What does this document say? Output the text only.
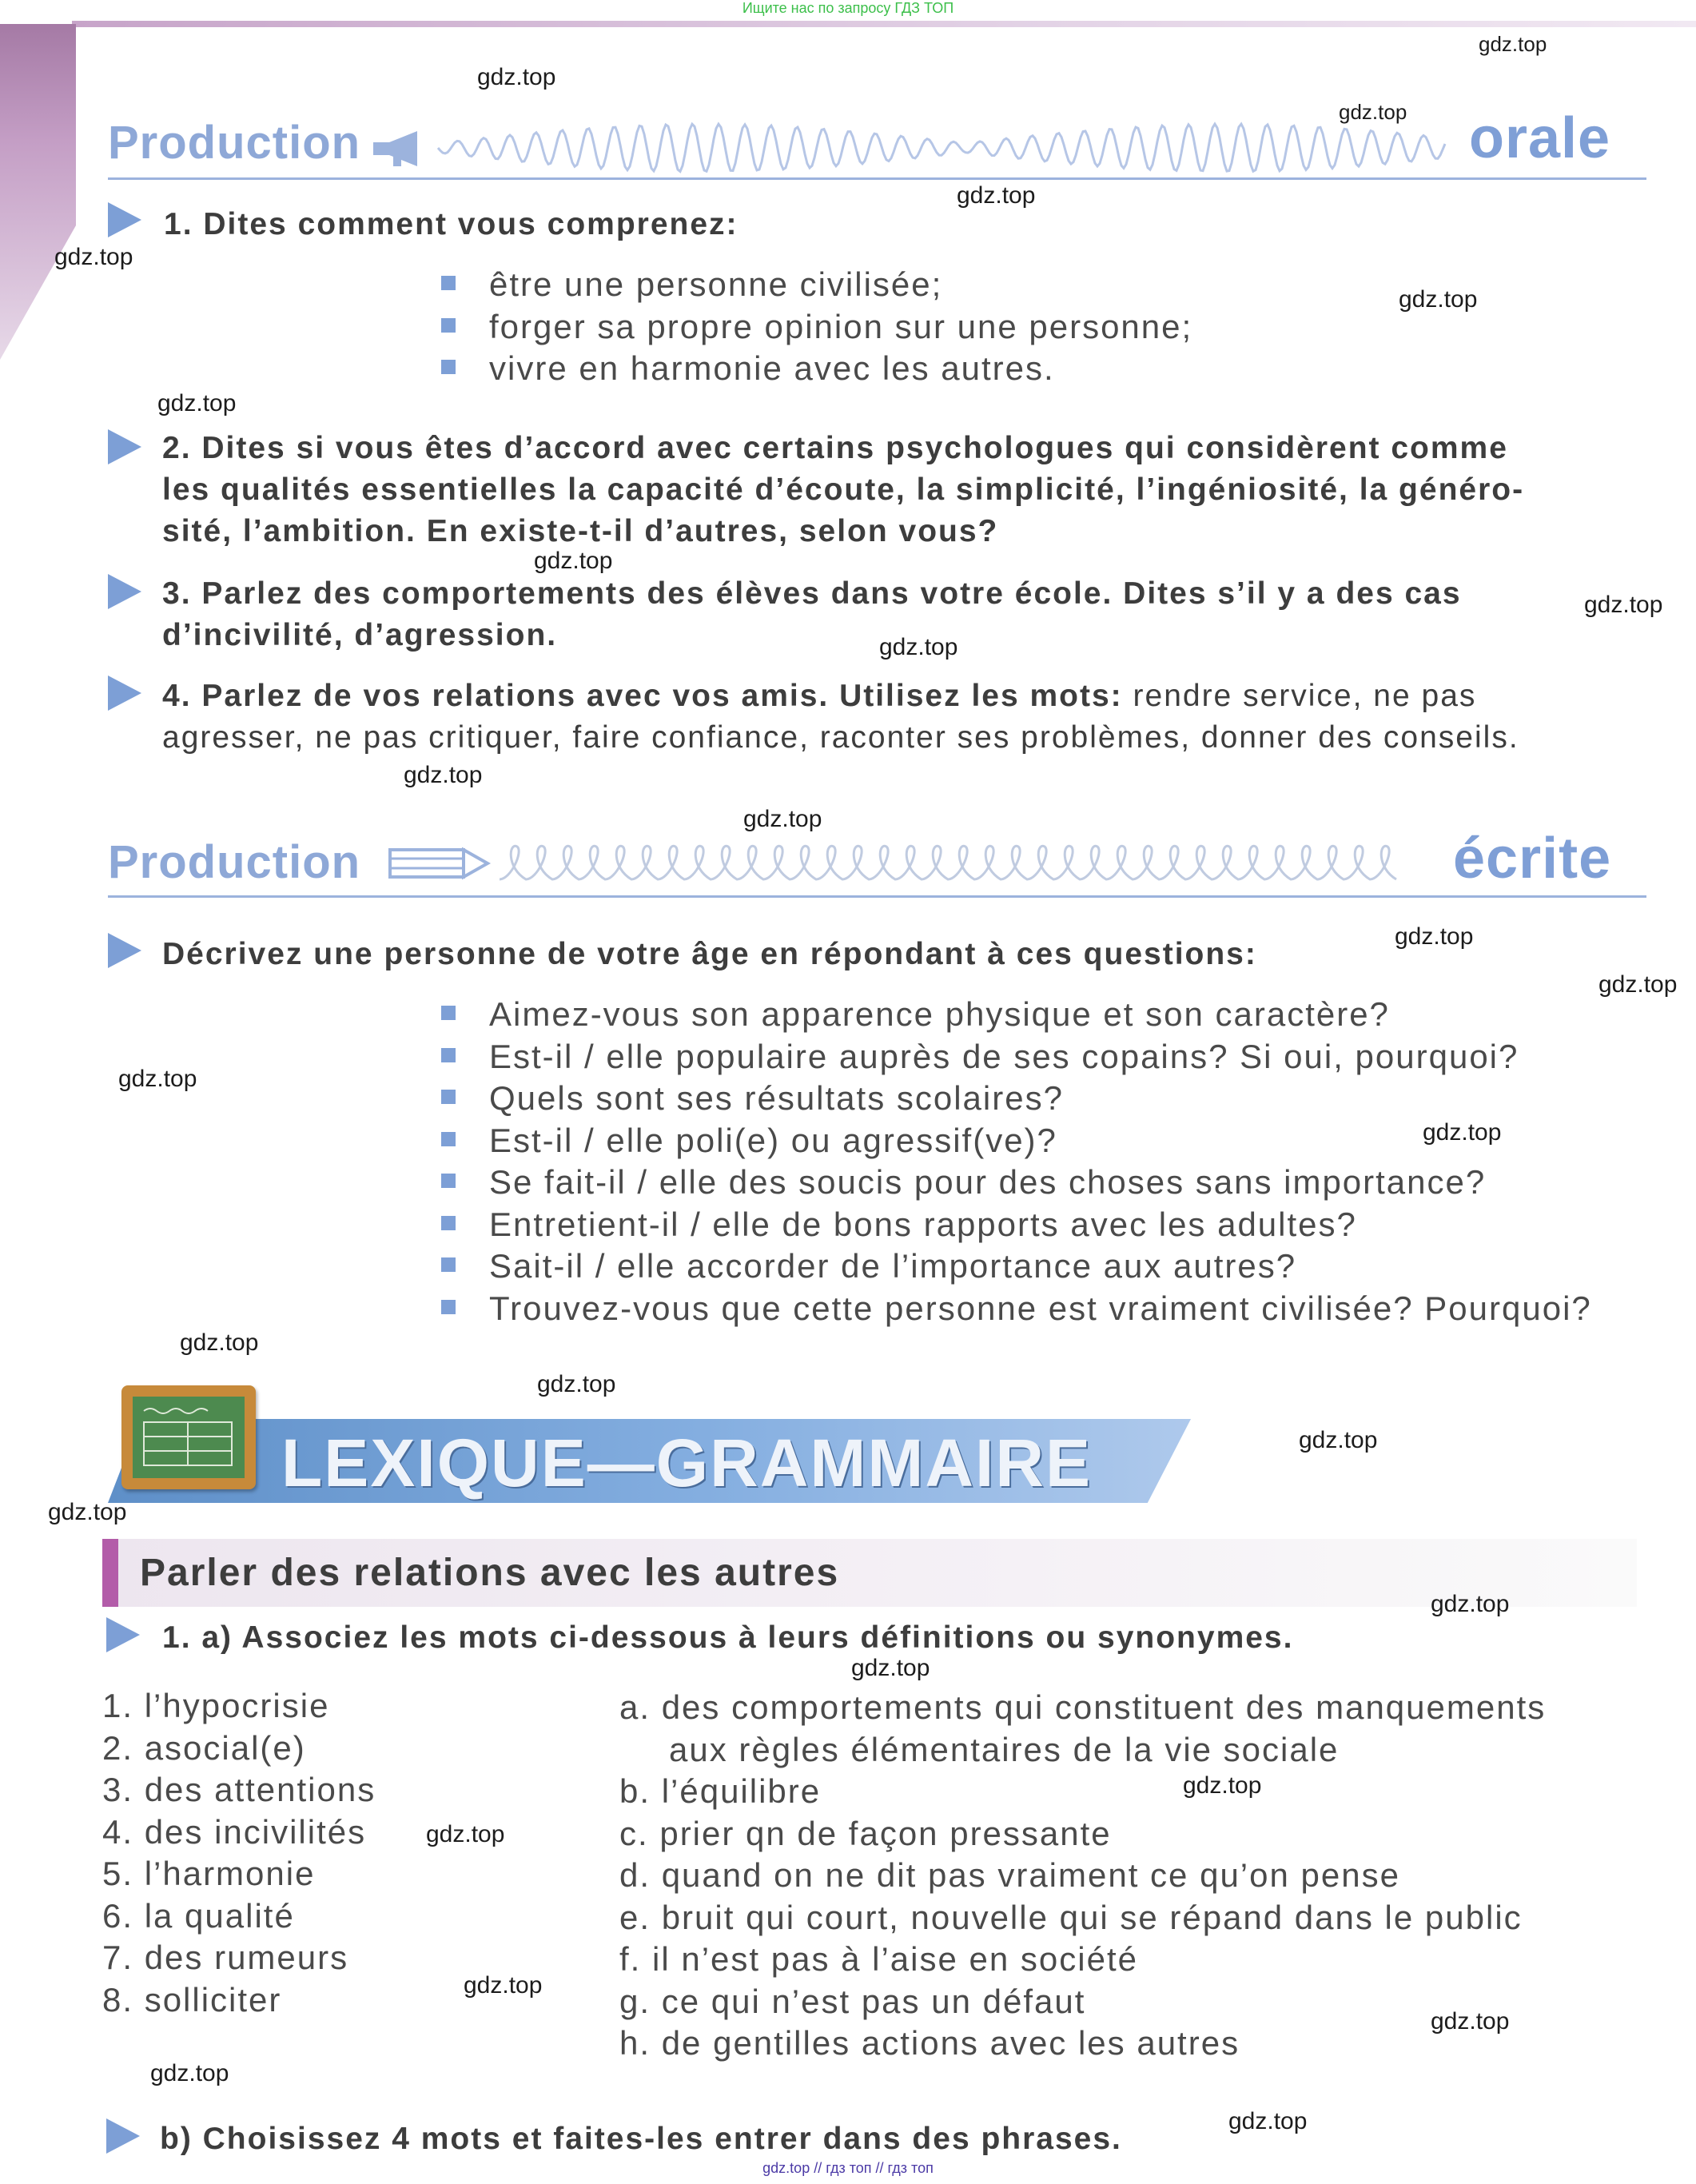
Ищите нас по запросу ГДЗ ТОП
Production	orale
1. Dites comment vous comprenez:
être une personne civilisée;
forger sa propre opinion sur une personne;
vivre en harmonie avec les autres.
2. Dites si vous êtes d’accord avec certains psychologues qui considèrent comme
les qualités essentielles la capacité d’écoute, la simplicité, l’ingéniosité, la généro-
sité, l’ambition. En existe-t-il d’autres, selon vous?
3. Parlez des comportements des élèves dans votre école. Dites s’il y a des cas
d’incivilité, d’agression.
4. Parlez de vos relations avec vos amis. Utilisez les mots: rendre service, ne pas
agresser, ne pas critiquer, faire confiance, raconter ses problèmes, donner des conseils.
Production	écrite
Décrivez une personne de votre âge en répondant à ces questions:
Aimez-vous son apparence physique et son caractère?
Est-il / elle populaire auprès de ses copains? Si oui, pourquoi?
Quels sont ses résultats scolaires?
Est-il / elle poli(e) ou agressif(ve)?
Se fait-il / elle des soucis pour des choses sans importance?
Entretient-il / elle de bons rapports avec les adultes?
Sait-il / elle accorder de l’importance aux autres?
Trouvez-vous que cette personne est vraiment civilisée? Pourquoi?
LEXIQUE—GRAMMAIRE
Parler des relations avec les autres
1. a) Associez les mots ci-dessous à leurs définitions ou synonymes.
1. l’hypocrisie
2. asocial(e)
3. des attentions
4. des incivilités
5. l’harmonie
6. la qualité
7. des rumeurs
8. solliciter
a. des comportements qui constituent des manquements
aux règles élémentaires de la vie sociale
b. l’équilibre
c. prier qn de façon pressante
d. quand on ne dit pas vraiment ce qu’on pense
e. bruit qui court, nouvelle qui se répand dans le public
f. il n’est pas à l’aise en société
g. ce qui n’est pas un défaut
h. de gentilles actions avec les autres
b) Choisissez 4 mots et faites-les entrer dans des phrases.
gdz.top // гдз топ // гдз топ
gdz.top
gdz.top
gdz.top
gdz.top
gdz.top
gdz.top
gdz.top
gdz.top
gdz.top
gdz.top
gdz.top
gdz.top
gdz.top
gdz.top
gdz.top
gdz.top
gdz.top
gdz.top
gdz.top
gdz.top
gdz.top
gdz.top
gdz.top
gdz.top
gdz.top
gdz.top
gdz.top
gdz.top
